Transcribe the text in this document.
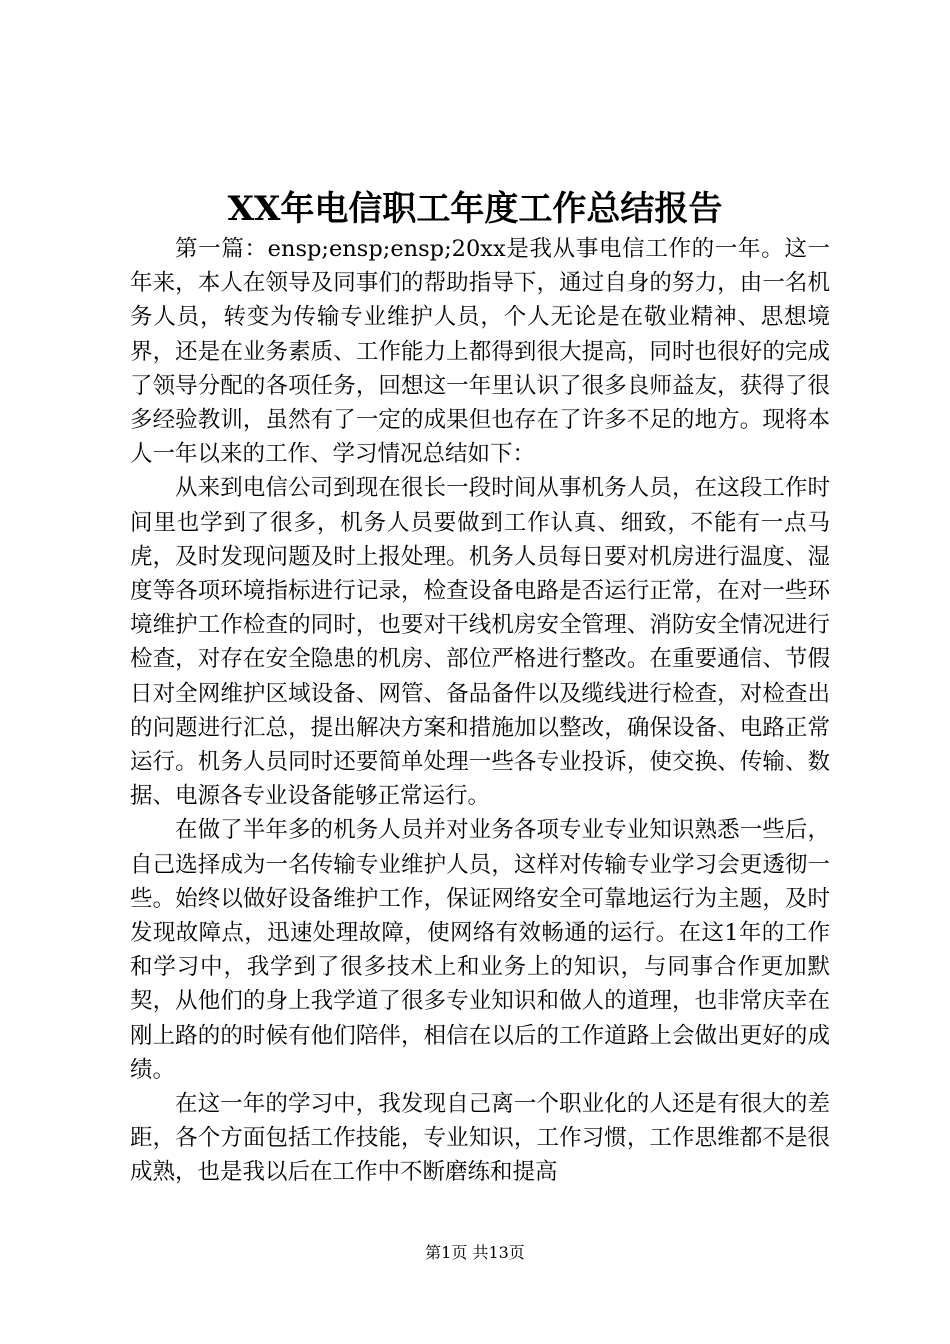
XX年电信职工年度工作总结报告

第一篇：ensp;ensp;ensp;20xx是我从事电信工作的一年。这一年来，本人在领导及同事们的帮助指导下，通过自身的努力，由一名机务人员，转变为传输专业维护人员，个人无论是在敬业精神、思想境界，还是在业务素质、工作能力上都得到很大提高，同时也很好的完成了领导分配的各项任务，回想这一年里认识了很多良师益友，获得了很多经验教训，虽然有了一定的成果但也存在了许多不足的地方。现将本人一年以来的工作、学习情况总结如下：

从来到电信公司到现在很长一段时间从事机务人员，在这段工作时间里也学到了很多，机务人员要做到工作认真、细致，不能有一点马虎，及时发现问题及时上报处理。机务人员每日要对机房进行温度、湿度等各项环境指标进行记录，检查设备电路是否运行正常，在对一些环境维护工作检查的同时，也要对干线机房安全管理、消防安全情况进行检查，对存在安全隐患的机房、部位严格进行整改。在重要通信、节假日对全网维护区域设备、网管、备品备件以及缆线进行检查，对检查出的问题进行汇总，提出解决方案和措施加以整改，确保设备、电路正常运行。机务人员同时还要简单处理一些各专业投诉，使交换、传输、数据、电源各专业设备能够正常运行。

在做了半年多的机务人员并对业务各项专业专业知识熟悉一些后，自己选择成为一名传输专业维护人员，这样对传输专业学习会更透彻一些。始终以做好设备维护工作，保证网络安全可靠地运行为主题，及时发现故障点，迅速处理故障，使网络有效畅通的运行。在这1年的工作和学习中，我学到了很多技术上和业务上的知识，与同事合作更加默契，从他们的身上我学道了很多专业知识和做人的道理，也非常庆幸在刚上路的的时候有他们陪伴，相信在以后的工作道路上会做出更好的成绩。

在这一年的学习中，我发现自己离一个职业化的人还是有很大的差距，各个方面包括工作技能，专业知识，工作习惯，工作思维都不是很成熟，也是我以后在工作中不断磨练和提高

第1页 共13页
